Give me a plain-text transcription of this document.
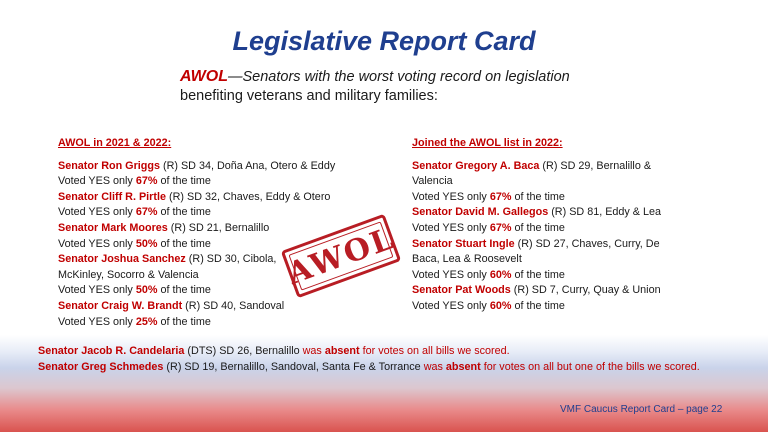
Legislative Report Card
AWOL—Senators with the worst voting record on legislation
benefiting veterans and military families:
AWOL in 2021 & 2022:
Senator Ron Griggs (R) SD 34, Doña Ana, Otero & Eddy
Voted YES only 67% of the time
Senator Cliff R. Pirtle (R) SD 32, Chaves, Eddy & Otero
Voted YES only 67% of the time
Senator Mark Moores (R) SD 21, Bernalillo
Voted YES only 50% of the time
Senator Joshua Sanchez (R) SD 30, Cibola, McKinley, Socorro & Valencia
Voted YES only 50% of the time
Senator Craig W. Brandt (R) SD 40, Sandoval
Voted YES only 25% of the time
AWOL
Joined the AWOL list in 2022:
Senator Gregory A. Baca (R) SD 29, Bernalillo & Valencia
Voted YES only 67% of the time
Senator David M. Gallegos (R) SD 81, Eddy & Lea
Voted YES only 67% of the time
Senator Stuart Ingle (R) SD 27, Chaves, Curry, De Baca, Lea & Roosevelt
Voted YES only 60% of the time
Senator Pat Woods (R) SD 7, Curry, Quay & Union
Voted YES only 60% of the time
Senator Jacob R. Candelaria (DTS) SD 26, Bernalillo was absent for votes on all bills we scored.
Senator Greg Schmedes (R) SD 19, Bernalillo, Sandoval, Santa Fe & Torrance was absent for votes on all but one of the bills we scored.
VMF Caucus Report Card – page 22
